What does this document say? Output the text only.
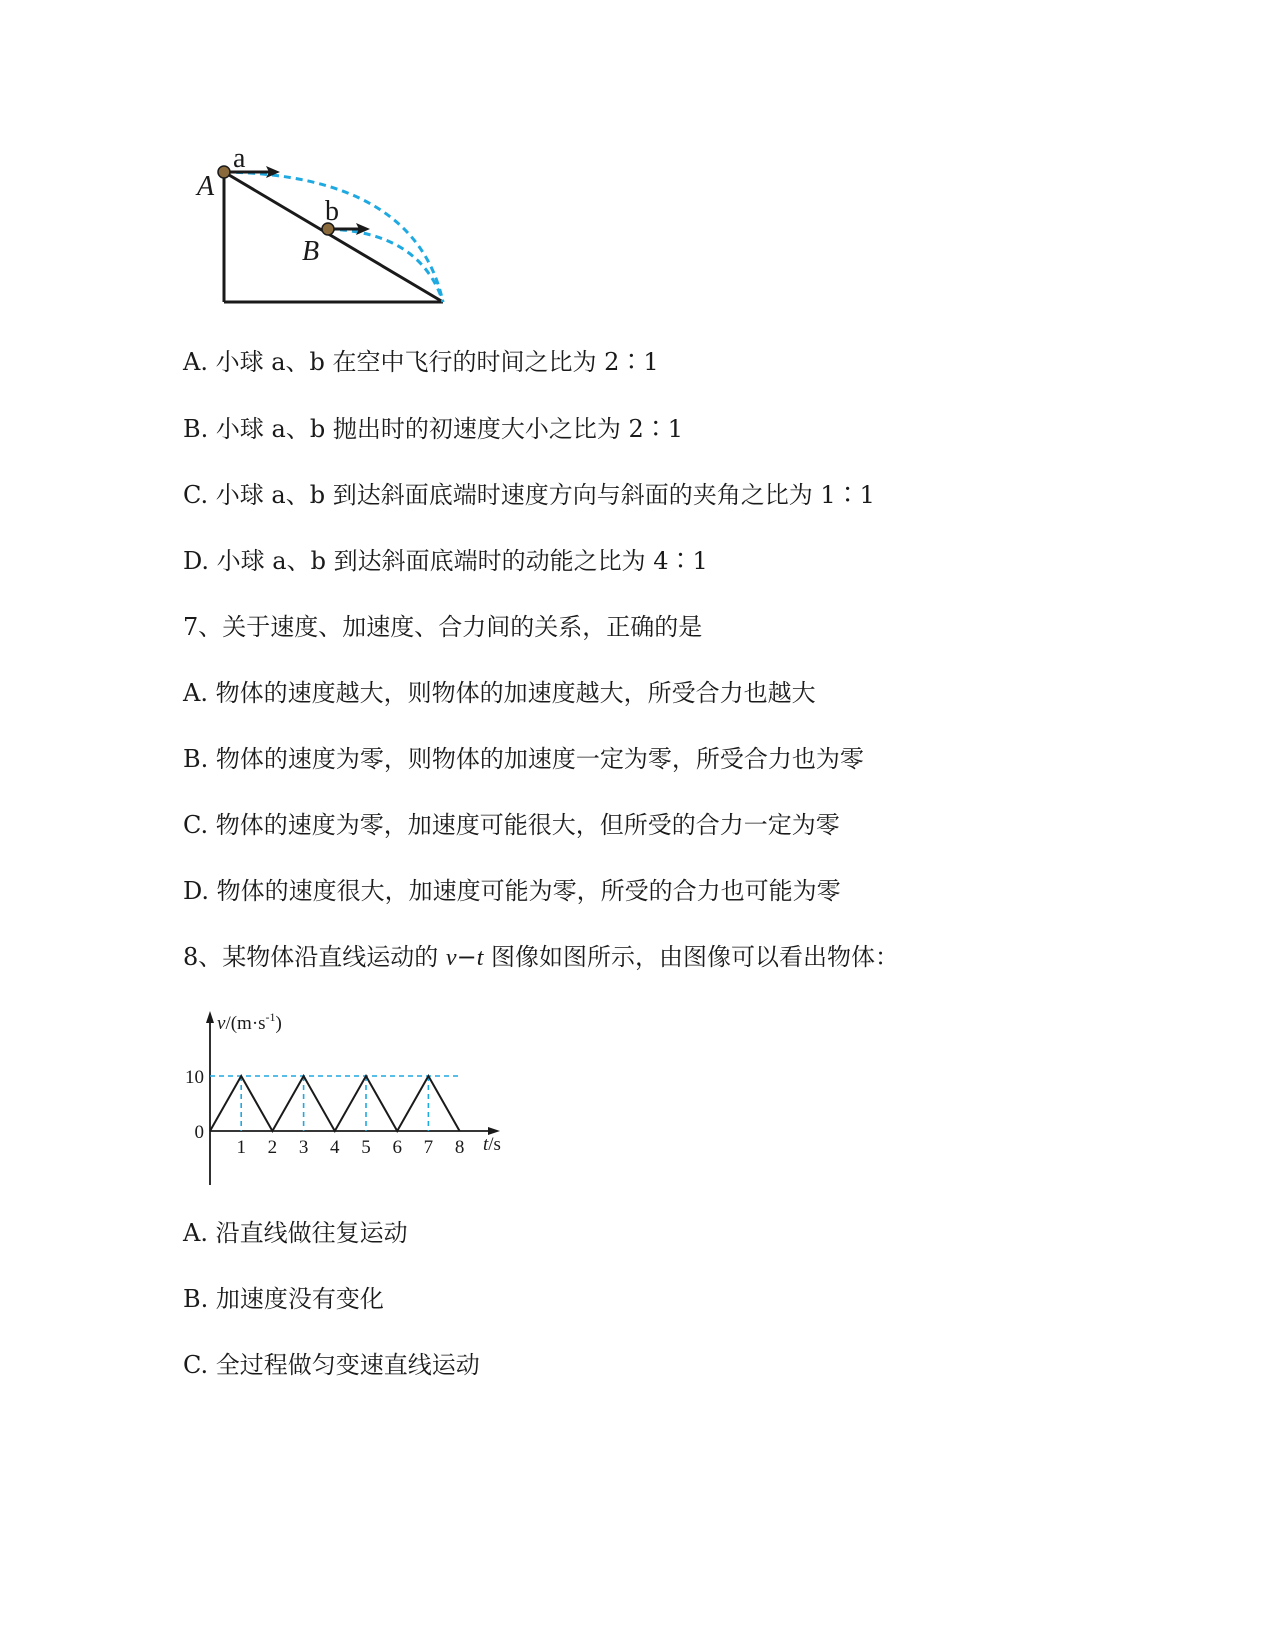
a
b
A
B
A. 小球 a、b 在空中飞行的时间之比为 2∶1
B. 小球 a、b 抛出时的初速度大小之比为 2∶1
C. 小球 a、b 到达斜面底端时速度方向与斜面的夹角之比为 1∶1
D. 小球 a、b 到达斜面底端时的动能之比为 4∶1
7、关于速度、加速度、合力间的关系，正确的是
A. 物体的速度越大，则物体的加速度越大，所受合力也越大
B. 物体的速度为零，则物体的加速度一定为零，所受合力也为零
C. 物体的速度为零，加速度可能很大，但所受的合力一定为零
D. 物体的速度很大，加速度可能为零，所受的合力也可能为零
8、某物体沿直线运动的 v−t 图像如图所示，由图像可以看出物体：
$v/(m\cdot s^{-1})$
t/s
1 2 3 4 5 6 7 8
0
10
A. 沿直线做往复运动
B. 加速度没有变化
C. 全过程做匀变速直线运动
